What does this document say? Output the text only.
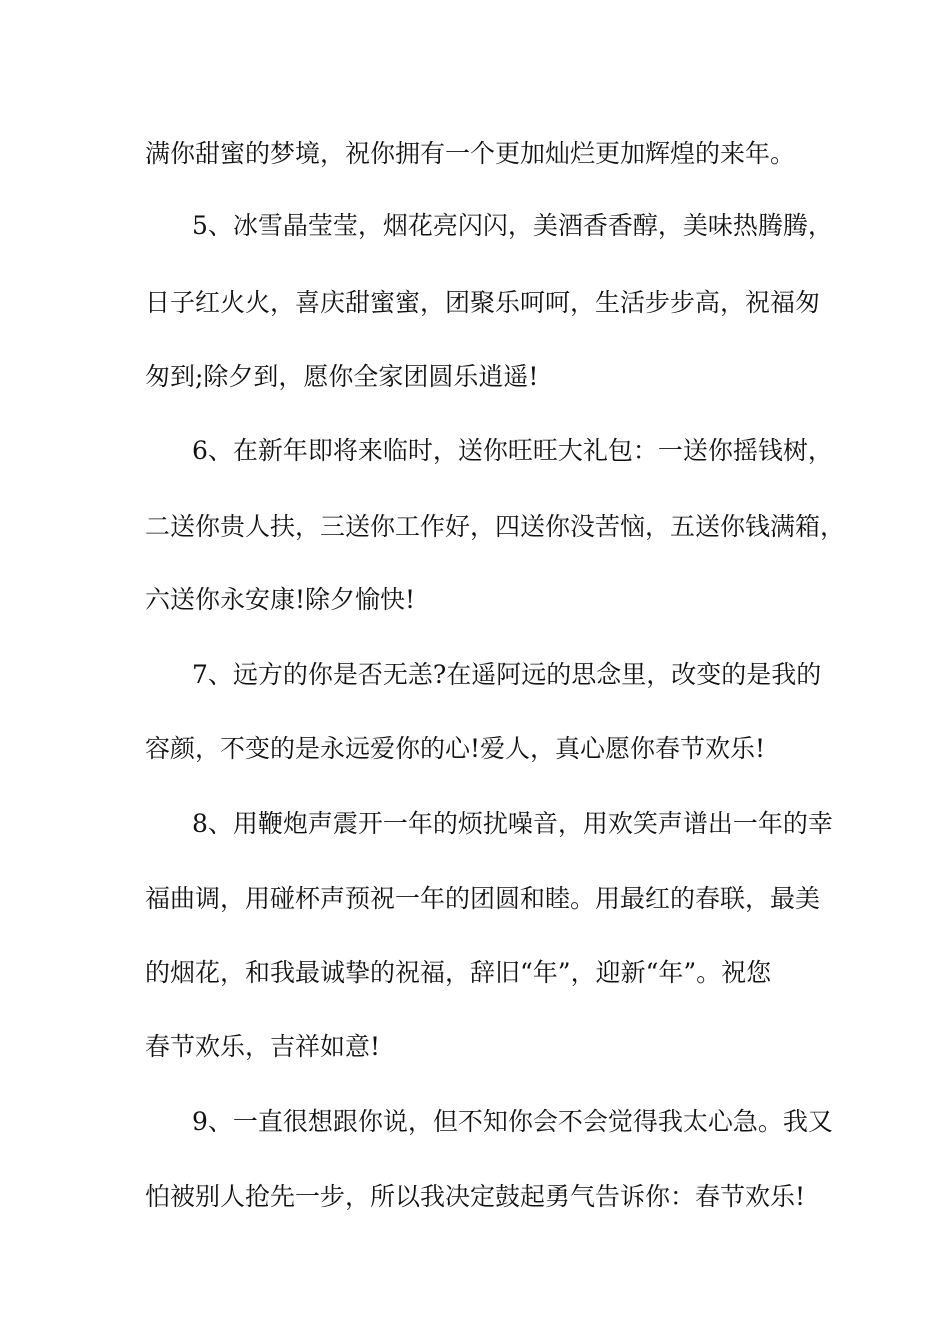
满你甜蜜的梦境，祝你拥有一个更加灿烂更加辉煌的来年。

5、冰雪晶莹莹，烟花亮闪闪，美酒香香醇，美味热腾腾，

日子红火火，喜庆甜蜜蜜，团聚乐呵呵，生活步步高，祝福匆

匆到;除夕到，愿你全家团圆乐逍遥!

6、在新年即将来临时，送你旺旺大礼包：一送你摇钱树，

二送你贵人扶，三送你工作好，四送你没苦恼，五送你钱满箱，

六送你永安康!除夕愉快!

7、远方的你是否无恙?在遥阿远的思念里，改变的是我的

容颜，不变的是永远爱你的心!爱人，真心愿你春节欢乐!

8、用鞭炮声震开一年的烦扰噪音，用欢笑声谱出一年的幸

福曲调，用碰杯声预祝一年的团圆和睦。用最红的春联，最美

的烟花，和我最诚挚的祝福，辞旧“年”，迎新“年”。祝您

春节欢乐，吉祥如意!

9、一直很想跟你说，但不知你会不会觉得我太心急。我又

怕被别人抢先一步，所以我决定鼓起勇气告诉你：春节欢乐!
